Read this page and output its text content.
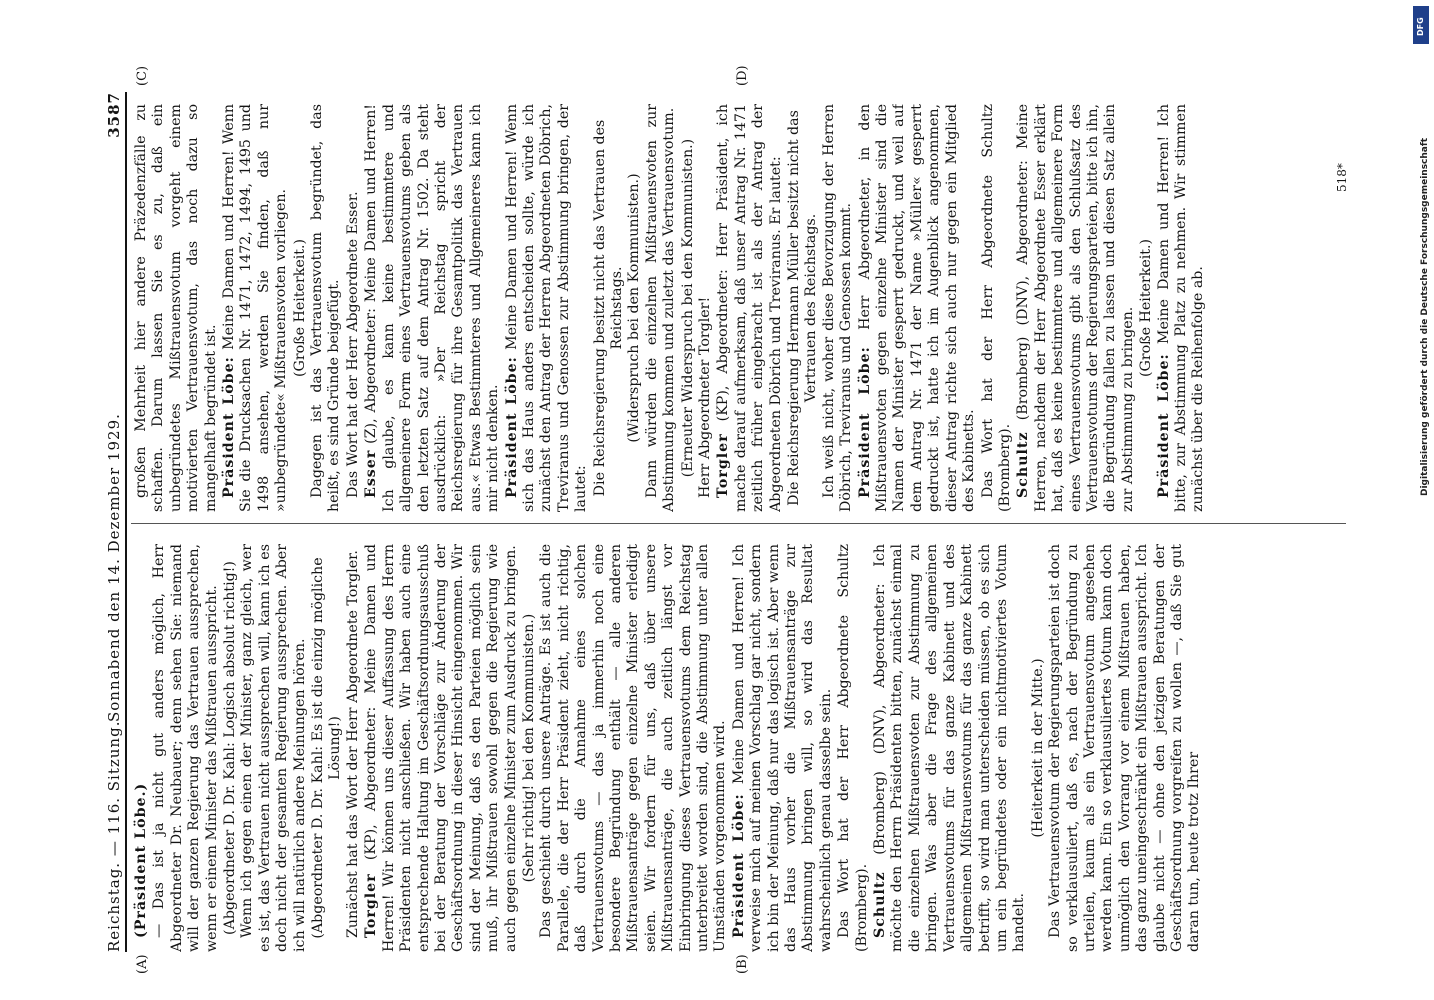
Reichstag. — 116. Sitzung.
Sonnabend den 14. Dezember 1929.
3587

(Präsident Löbe.) — Das ist ja nicht gut anders möglich, Herr Abgeordneter Dr. Neubauer; denn sehen Sie: niemand will der ganzen Regierung das Vertrauen aussprechen, wenn er einem Minister das Mißtrauen ausspricht. (Abgeordneter D. Dr. Kahl: Logisch absolut richtig!) Wenn ich gegen einen der Minister, ganz gleich, wer es ist, das Vertrauen nicht aussprechen will, kann ich es doch nicht der gesamten Regierung aussprechen. Aber ich will natürlich andere Meinungen hören. (Abgeordneter D. Dr. Kahl: Es ist die einzig mögliche Lösung!) Zunächst hat das Wort der Herr Abgeordnete Torgler. Torgler (KP), Abgeordneter: Meine Damen und Herren! Wir können uns dieser Auffassung des Herrn Präsidenten nicht anschließen. Wir haben auch eine entsprechende Haltung im Geschäftsordnungsausschuß bei der Beratung der Vorschläge zur Änderung der Geschäftsordnung in dieser Hinsicht eingenommen. Wir sind der Meinung, daß es den Parteien möglich sein muß, ihr Mißtrauen sowohl gegen die Regierung wie auch gegen einzelne Minister zum Ausdruck zu bringen. (Sehr richtig! bei den Kommunisten.) Das geschieht durch unsere Anträge. Es ist auch die Parallele, die der Herr Präsident zieht, nicht richtig, daß durch die Annahme eines solchen Vertrauensvotums — das ja immerhin noch eine besondere Begründung enthält — alle anderen Mißtrauensanträge gegen einzelne Minister erledigt seien. Wir fordern für uns, daß über unsere Mißtrauensanträge, die auch zeitlich längst vor Einbringung dieses Vertrauensvotums dem Reichstag unterbreitet worden sind, die Abstimmung unter allen Umständen vorgenommen wird. Präsident Löbe: Meine Damen und Herren! Ich verweise mich auf meinen Vorschlag gar nicht, sondern ich bin der Meinung, daß nur das logisch ist. Aber wenn das Haus vorher die Mißtrauensanträge zur Abstimmung bringen will, so wird das Resultat wahrscheinlich genau dasselbe sein. Das Wort hat der Herr Abgeordnete Schultz (Bromberg). Schultz (Bromberg) (DNV), Abgeordneter: Ich möchte den Herrn Präsidenten bitten, zunächst einmal die einzelnen Mißtrauensvoten zur Abstimmung zu bringen. Was aber die Frage des allgemeinen Vertrauensvotums für das ganze Kabinett und des allgemeinen Mißtrauensvotums für das ganze Kabinett betrifft, so wird man unterscheiden müssen, ob es sich um ein begründetes oder ein nichtmotiviertes Votum handelt.

(Heiterkeit in der Mitte.) Das Vertrauensvotum der Regierungsparteien ist doch so verklausuliert, daß es, nach der Begründung zu urteilen, kaum als ein Vertrauensvotum angesehen werden kann. Ein so verklausuliertes Votum kann doch unmöglich den Vorrang vor einem Mißtrauen haben, das ganz uneingeschränkt ein Mißtrauen ausspricht. Ich glaube nicht — ohne den jetzigen Beratungen der Geschäftsordnung vorgreifen zu wollen —, daß Sie gut daran tun, heute trotz Ihrer

großen Mehrheit hier andere Präzedenzfälle zu schaffen. Darum lassen Sie es zu, daß ein unbegründetes Mißtrauensvotum vorgeht einem motivierten Vertrauensvotum, das noch dazu so mangelhaft begründet ist. Präsident Löbe: Meine Damen und Herren! Wenn Sie die Drucksachen Nr. 1471, 1472, 1494, 1495 und 1498 ansehen, werden Sie finden, daß nur »unbegründete« Mißtrauensvoten vorliegen. (Große Heiterkeit.) Dagegen ist das Vertrauensvotum begründet, das heißt, es sind Gründe beigefügt. Das Wort hat der Herr Abgeordnete Esser. Esser (Z), Abgeordneter: Meine Damen und Herren! Ich glaube, es kann keine bestimmtere und allgemeinere Form eines Vertrauensvotums geben als den letzten Satz auf dem Antrag Nr. 1502. Da steht ausdrücklich: »Der Reichstag spricht der Reichsregierung für ihre Gesamtpolitik das Vertrauen aus.« Etwas Bestimmteres und Allgemeineres kann ich mir nicht denken. Präsident Löbe: Meine Damen und Herren! Wenn sich das Haus anders entscheiden sollte, würde ich zunächst den Antrag der Herren Abgeordneten Döbrich, Treviranus und Genossen zur Abstimmung bringen, der lautet: Die Reichsregierung besitzt nicht das Vertrauen des Reichstags. (Widerspruch bei den Kommunisten.) Dann würden die einzelnen Mißtrauensvoten zur Abstimmung kommen und zuletzt das Vertrauensvotum. (Erneuter Widerspruch bei den Kommunisten.) Herr Abgeordneter Torgler! Torgler (KP), Abgeordneter: Herr Präsident, ich mache darauf aufmerksam, daß unser Antrag Nr. 1471 zeitlich früher eingebracht ist als der Antrag der Abgeordneten Döbrich und Treviranus. Er lautet: Die Reichsregierung Hermann Müller besitzt nicht das Vertrauen des Reichstags. Ich weiß nicht, woher diese Bevorzugung der Herren Döbrich, Treviranus und Genossen kommt. Präsident Löbe: Herr Abgeordneter, in den Mißtrauensvoten gegen einzelne Minister sind die Namen der Minister gesperrt gedruckt, und weil auf dem Antrag Nr. 1471 der Name »Müller« gesperrt gedruckt ist, hatte ich im Augenblick angenommen, dieser Antrag richte sich auch nur gegen ein Mitglied des Kabinetts. Das Wort hat der Herr Abgeordnete Schultz (Bromberg). Schultz (Bromberg) (DNV), Abgeordneter: Meine Herren, nachdem der Herr Abgeordnete Esser erklärt hat, daß es keine bestimmtere und allgemeinere Form eines Vertrauensvotums gibt als den Schlußsatz des Vertrauensvotums der Regierungsparteien, bitte ich ihn, die Begründung fallen zu lassen und diesen Satz allein zur Abstimmung zu bringen. (Große Heiterkeit.)

Präsident Löbe: Meine Damen und Herren! Ich bitte, zur Abstimmung Platz zu nehmen. Wir stimmen zunächst über die Reihenfolge ab.

(A)	(B)
(C)	(D)
518*	Digitalisierung gefördert durch die Deutsche Forschungsgemeinschaft
DFG
